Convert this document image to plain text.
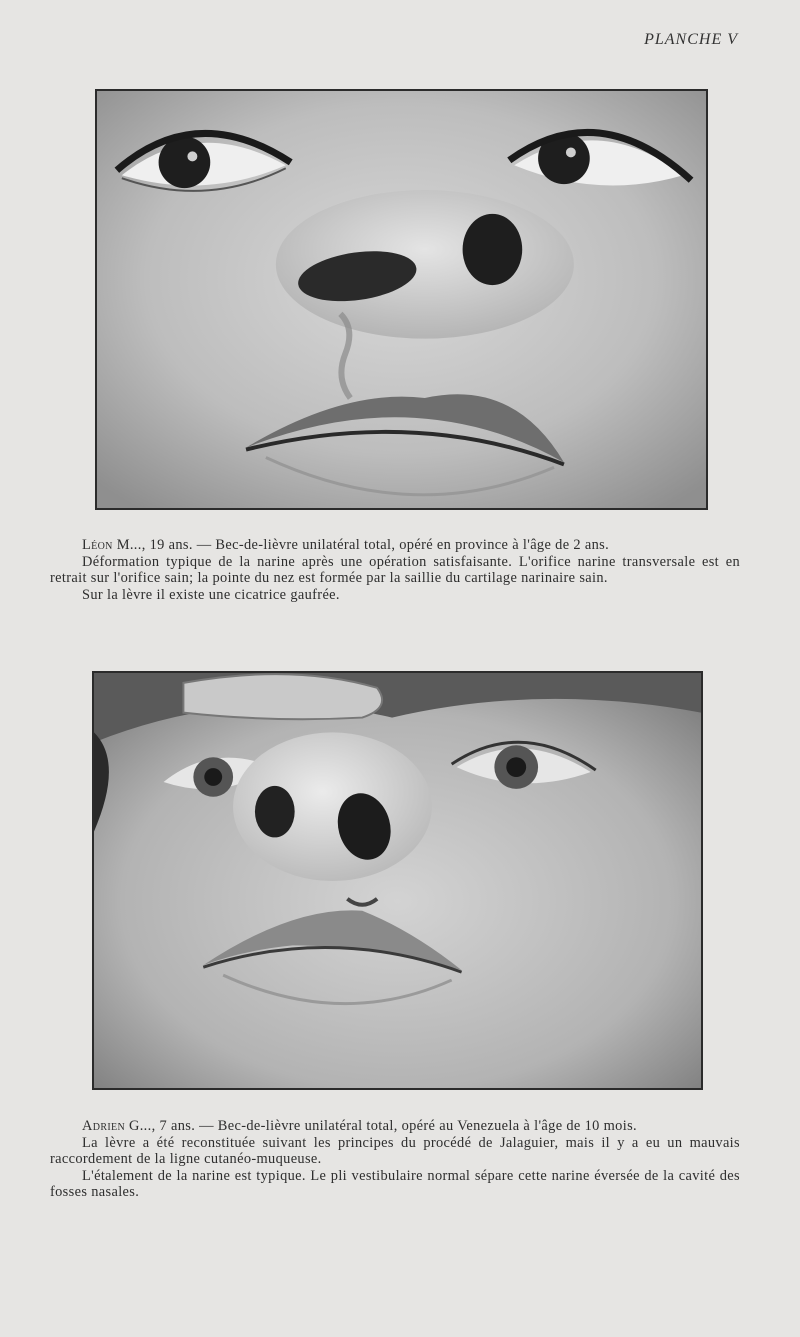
PLANCHE V

Léon M..., 19 ans. — Bec-de-lièvre unilatéral total, opéré en province à l'âge de 2 ans.

Déformation typique de la narine après une opération satisfaisante. L'orifice narine transversale est en retrait sur l'orifice sain; la pointe du nez est formée par la saillie du cartilage narinaire sain.

Sur la lèvre il existe une cicatrice gaufrée.

Adrien G..., 7 ans. — Bec-de-lièvre unilatéral total, opéré au Venezuela à l'âge de 10 mois.

La lèvre a été reconstituée suivant les principes du procédé de Jalaguier, mais il y a eu un mauvais raccordement de la ligne cutanéo-muqueuse.

L'étalement de la narine est typique. Le pli vestibulaire normal sépare cette narine éversée de la cavité des fosses nasales.
